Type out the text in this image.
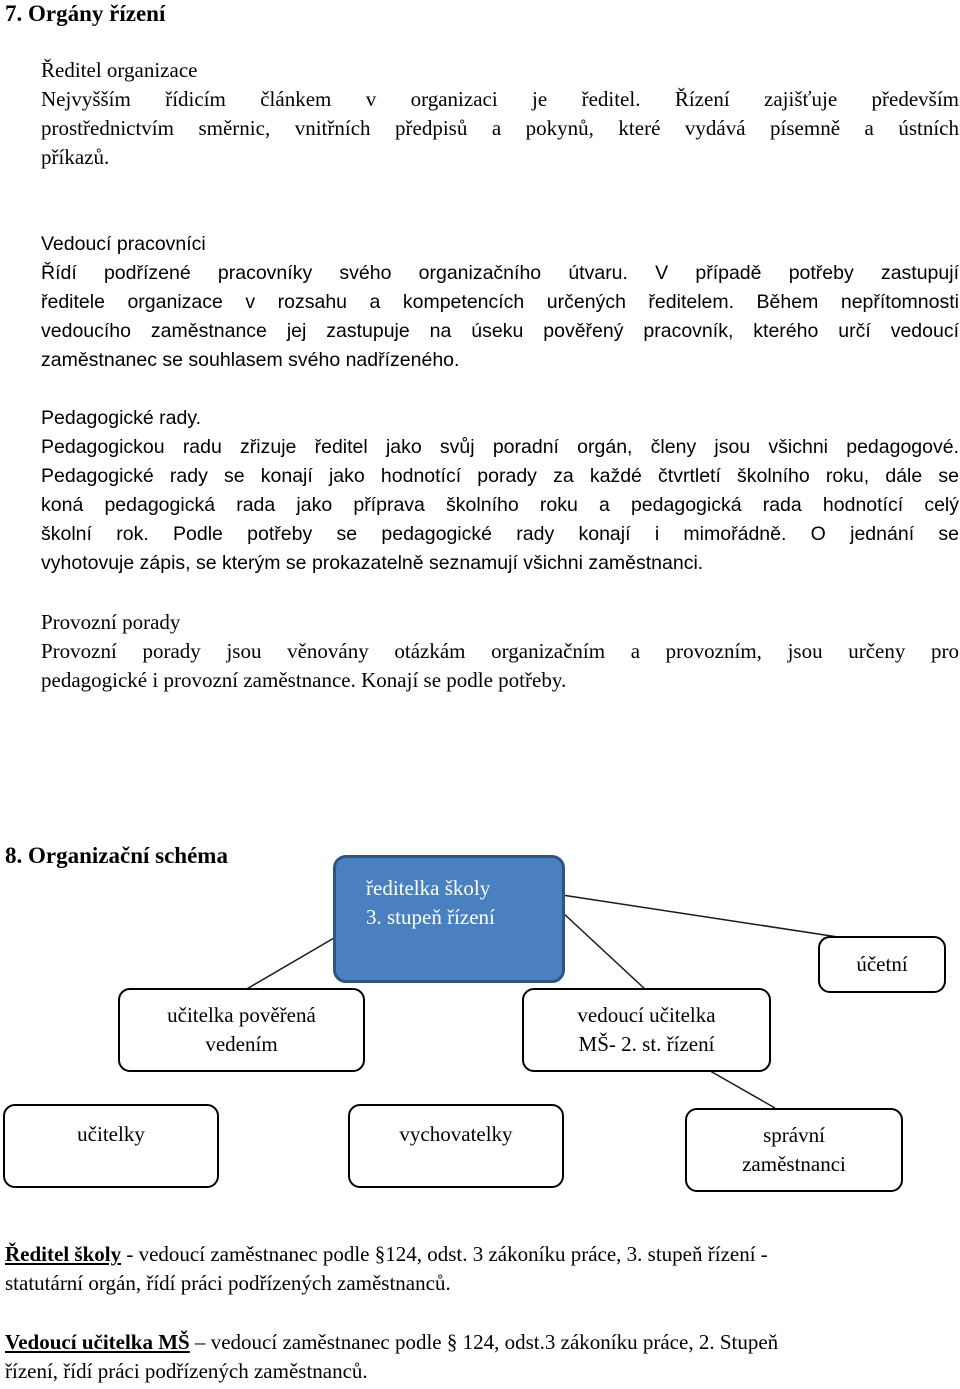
7. Orgány řízení
Ředitel organizace
Nejvyšším řídicím článkem v organizaci je ředitel. Řízení zajišťuje především
prostřednictvím směrnic, vnitřních předpisů a pokynů, které vydává písemně a ústních
příkazů.
Vedoucí pracovníci
Řídí podřízené pracovníky svého organizačního útvaru. V případě potřeby zastupují
ředitele organizace v rozsahu a kompetencích určených ředitelem. Během nepřítomnosti
vedoucího zaměstnance jej zastupuje na úseku pověřený pracovník, kterého určí vedoucí
zaměstnanec se souhlasem svého nadřízeného.
Pedagogické rady.
Pedagogickou radu zřizuje ředitel jako svůj poradní orgán, členy jsou všichni pedagogové.
Pedagogické rady se konají jako hodnotící porady za každé čtvrtletí školního roku, dále se
koná pedagogická rada jako příprava školního roku a pedagogická rada hodnotící celý
školní rok. Podle potřeby se pedagogické rady konají i mimořádně. O jednání se
vyhotovuje zápis, se kterým se prokazatelně seznamují všichni zaměstnanci.
Provozní porady
Provozní porady jsou věnovány otázkám organizačním a provozním, jsou určeny pro
pedagogické i provozní zaměstnance. Konají se podle potřeby.
8. Organizační schéma
ředitelka školy
3. stupeň řízení
účetní
učitelka pověřená
vedením
vedoucí učitelka
MŠ- 2. st. řízení
učitelky	vychovatelky	správní
zaměstnanci
Ředitel školy - vedoucí zaměstnanec podle §124, odst. 3 zákoníku práce, 3. stupeň řízení -
statutární orgán, řídí práci podřízených zaměstnanců.
Vedoucí učitelka MŠ – vedoucí zaměstnanec podle § 124, odst.3 zákoníku práce, 2. Stupeň
řízení, řídí práci podřízených zaměstnanců.
